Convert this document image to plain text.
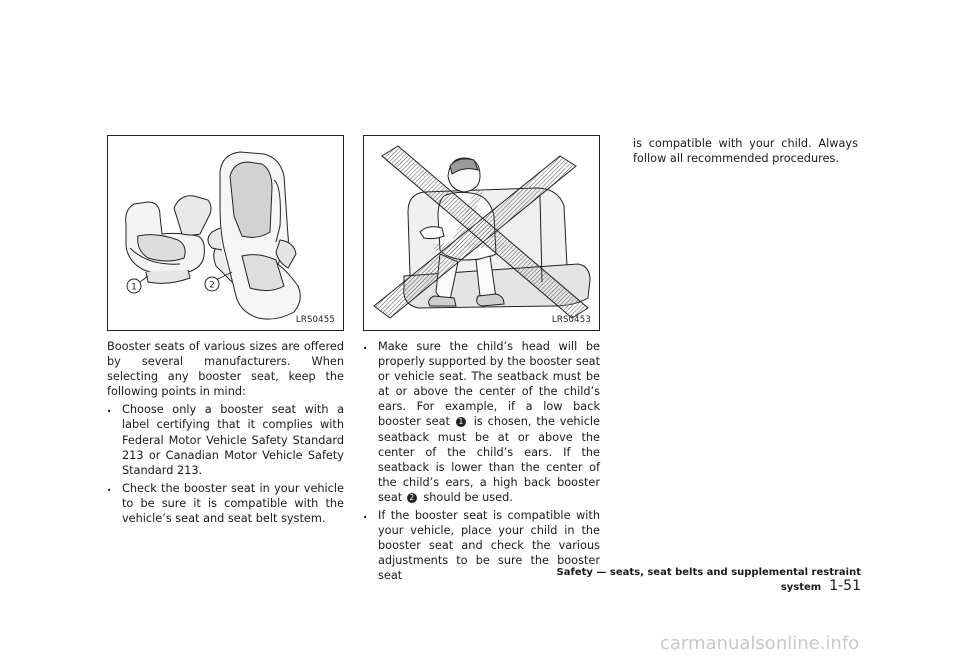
1	2
LRS0455	LRS0453

Booster seats of various sizes are offered by several manufacturers. When selecting any booster seat, keep the following points in mind:

. Choose only a booster seat with a label certifying that it complies with Federal Motor Vehicle Safety Standard 213 or Canadian Motor Vehicle Safety Standard 213.
. Check the booster seat in your vehicle to be sure it is compatible with the vehicle’s seat and seat belt system.
. Make sure the child’s head will be properly supported by the booster seat or vehicle seat. The seatback must be at or above the center of the child’s ears. For example, if a low back booster seat 1 is chosen, the vehicle seatback must be at or above the center of the child’s ears. If the seatback is lower than the center of the child’s ears, a high back booster seat 2 should be used.
. If the booster seat is compatible with your vehicle, place your child in the booster seat and check the various adjustments to be sure the booster seat

is compatible with your child. Always follow all recommended procedures.

Safety — seats, seat belts and supplemental restraint system 1-51
carmanualsonline.info
